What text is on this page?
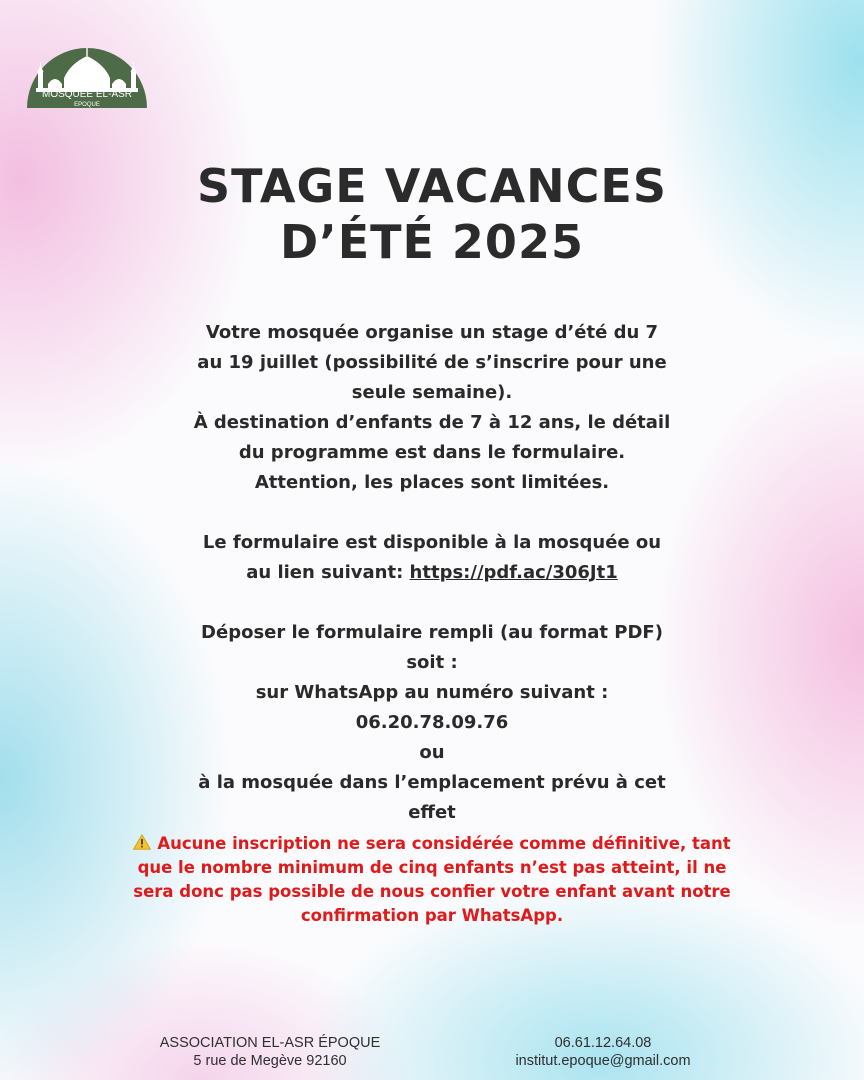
MOSQUÉE EL-ASR
EPOQUE
STAGE VACANCES
D’ÉTÉ 2025

Votre mosquée organise un stage d’été du 7

au 19 juillet (possibilité de s’inscrire pour une

seule semaine).

À destination d’enfants de 7 à 12 ans, le détail

du programme est dans le formulaire.

Attention, les places sont limitées.

Le formulaire est disponible à la mosquée ou

au lien suivant: https://pdf.ac/306Jt1

Déposer le formulaire rempli (au format PDF)

soit :

sur WhatsApp au numéro suivant :

06.20.78.09.76

ou

à la mosquée dans l’emplacement prévu à cet

effet

Aucune inscription ne sera considérée comme définitive, tant
que le nombre minimum de cinq enfants n’est pas atteint, il ne
sera donc pas possible de nous confier votre enfant avant notre
confirmation par WhatsApp.
ASSOCIATION EL-ASR ÉPOQUE
5 rue de Megève 92160
06.61.12.64.08
institut.epoque@gmail.com
